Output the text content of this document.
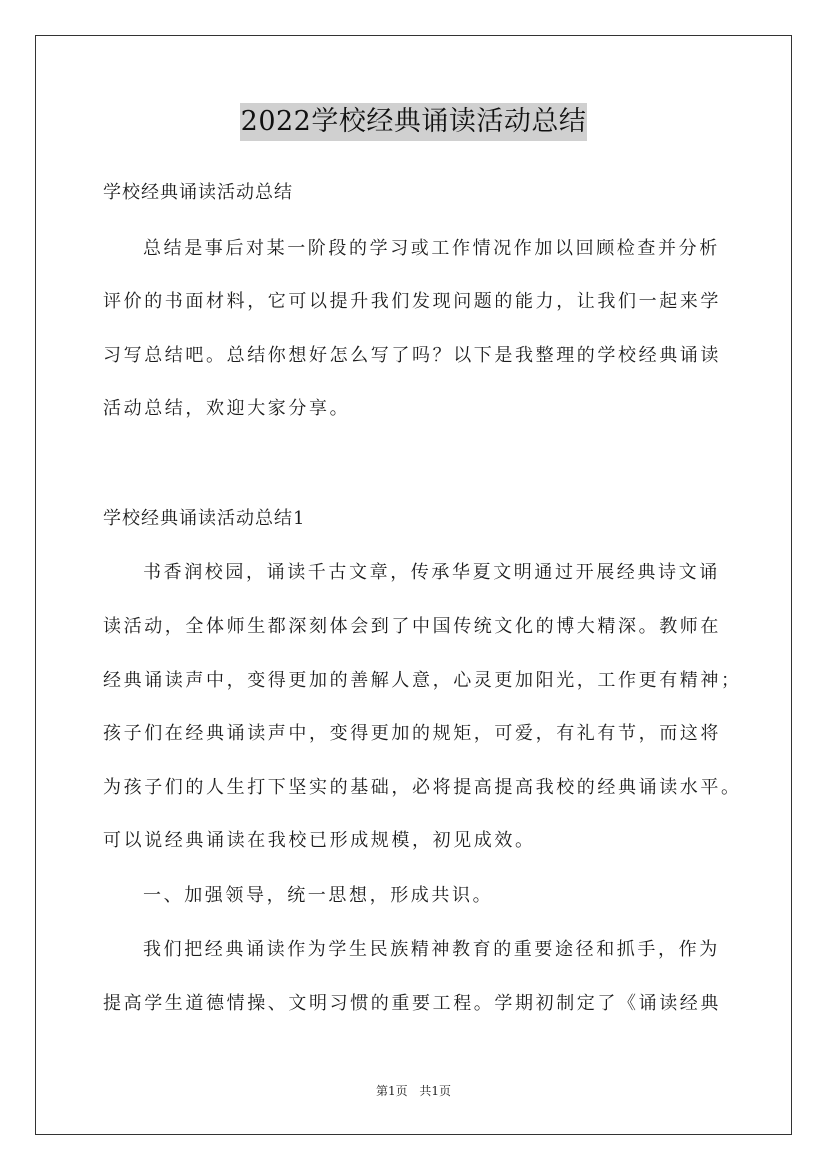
2022学校经典诵读活动总结
学校经典诵读活动总结
总结是事后对某一阶段的学习或工作情况作加以回顾检查并分析
评价的书面材料，它可以提升我们发现问题的能力，让我们一起来学
习写总结吧。总结你想好怎么写了吗？以下是我整理的学校经典诵读
活动总结，欢迎大家分享。
学校经典诵读活动总结1
书香润校园，诵读千古文章，传承华夏文明通过开展经典诗文诵
读活动，全体师生都深刻体会到了中国传统文化的博大精深。教师在
经典诵读声中，变得更加的善解人意，心灵更加阳光，工作更有精神；
孩子们在经典诵读声中，变得更加的规矩，可爱，有礼有节，而这将
为孩子们的人生打下坚实的基础，必将提高提高我校的经典诵读水平。
可以说经典诵读在我校已形成规模，初见成效。
一、加强领导，统一思想，形成共识。
我们把经典诵读作为学生民族精神教育的重要途径和抓手，作为
提高学生道德情操、文明习惯的重要工程。学期初制定了《诵读经典
第1页 共1页
